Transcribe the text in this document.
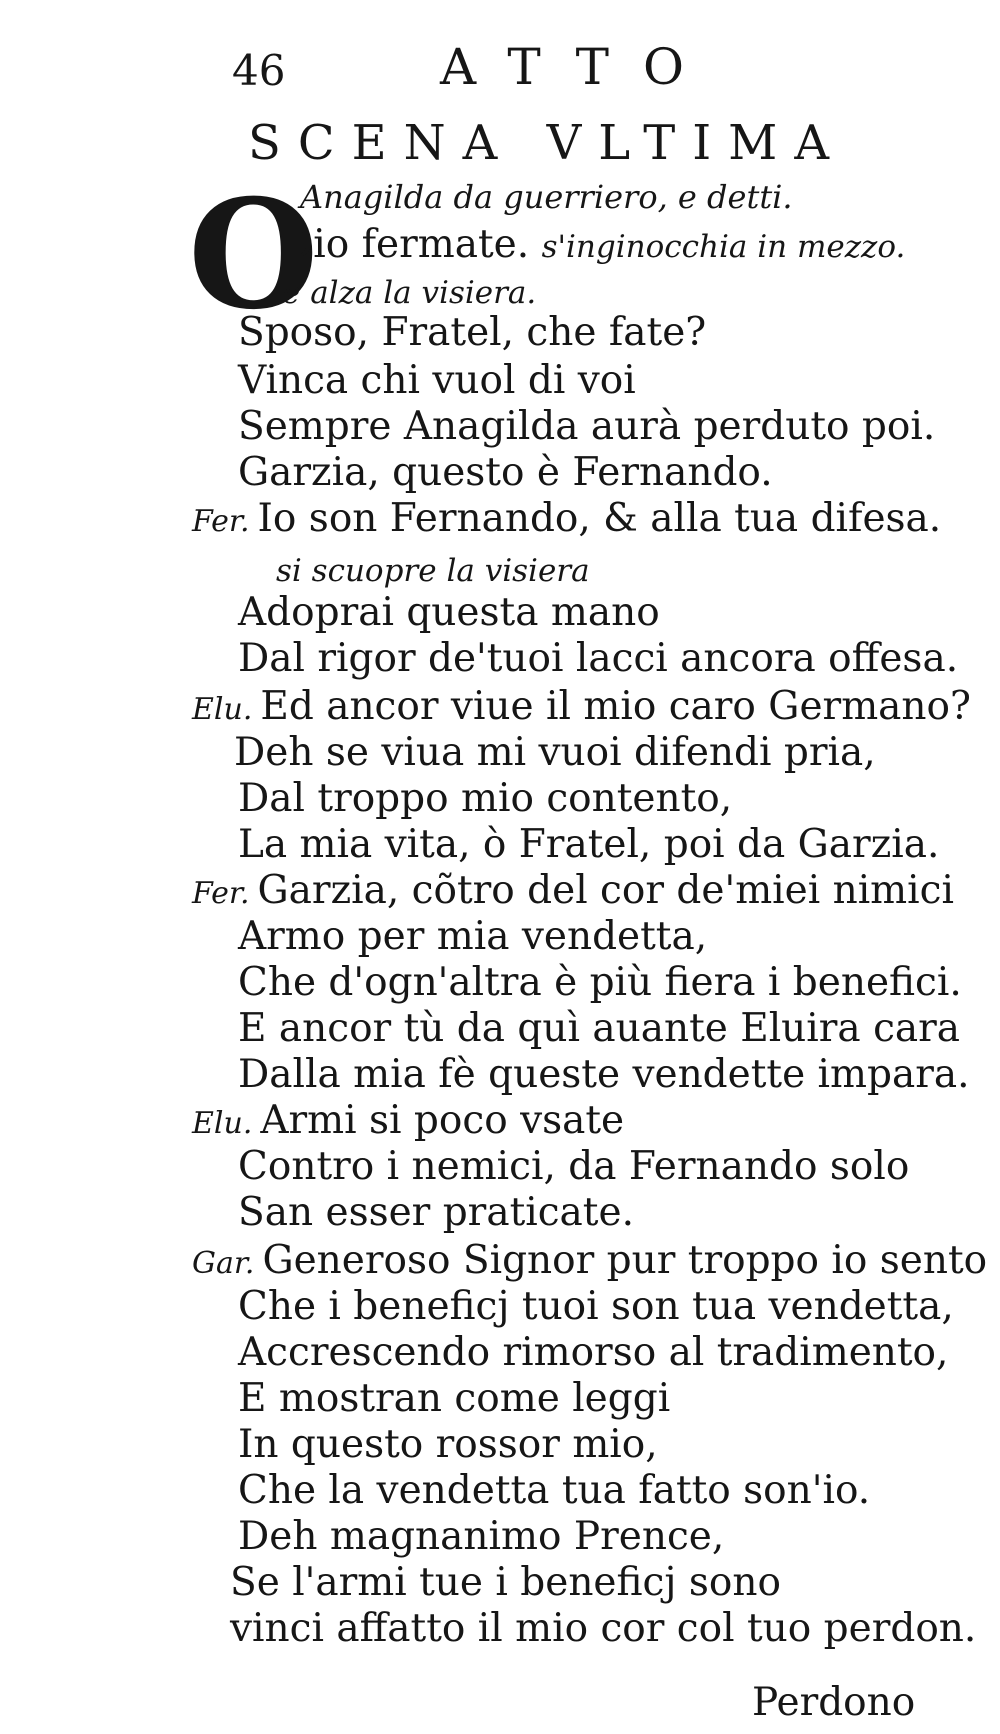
46	ATTO
SCENA VLTIMA
Anagilda da guerriero, e detti.
O
Dio fermate. s'inginocchia in mezzo.
e alza la visiera.
Sposo, Fratel, che fate?
Vinca chi vuol di voi
Sempre Anagilda aurà perduto poi.
Garzia, questo è Fernando.
Fer. Io son Fernando, & alla tua difesa.
si scuopre la visiera
Adoprai questa mano
Dal rigor de'tuoi lacci ancora offesa.
Elu. Ed ancor viue il mio caro Germano?
Deh se viua mi vuoi difendi pria,
Dal troppo mio contento,
La mia vita, ò Fratel, poi da Garzia.
Fer. Garzia, cõtro del cor de'miei nimici
Armo per mia vendetta,
Che d'ogn'altra è più fiera i benefici.
E ancor tù da quì auante Eluira cara
Dalla mia fè queste vendette impara.
Elu. Armi si poco vsate
Contro i nemici, da Fernando solo
San esser praticate.
Gar. Generoso Signor pur troppo io sento
Che i beneficj tuoi son tua vendetta,
Accrescendo rimorso al tradimento,
E mostran come leggi
In questo rossor mio,
Che la vendetta tua fatto son'io.
Deh magnanimo Prence,
Se l'armi tue i beneficj sono
vinci affatto il mio cor col tuo perdon.
Perdono
